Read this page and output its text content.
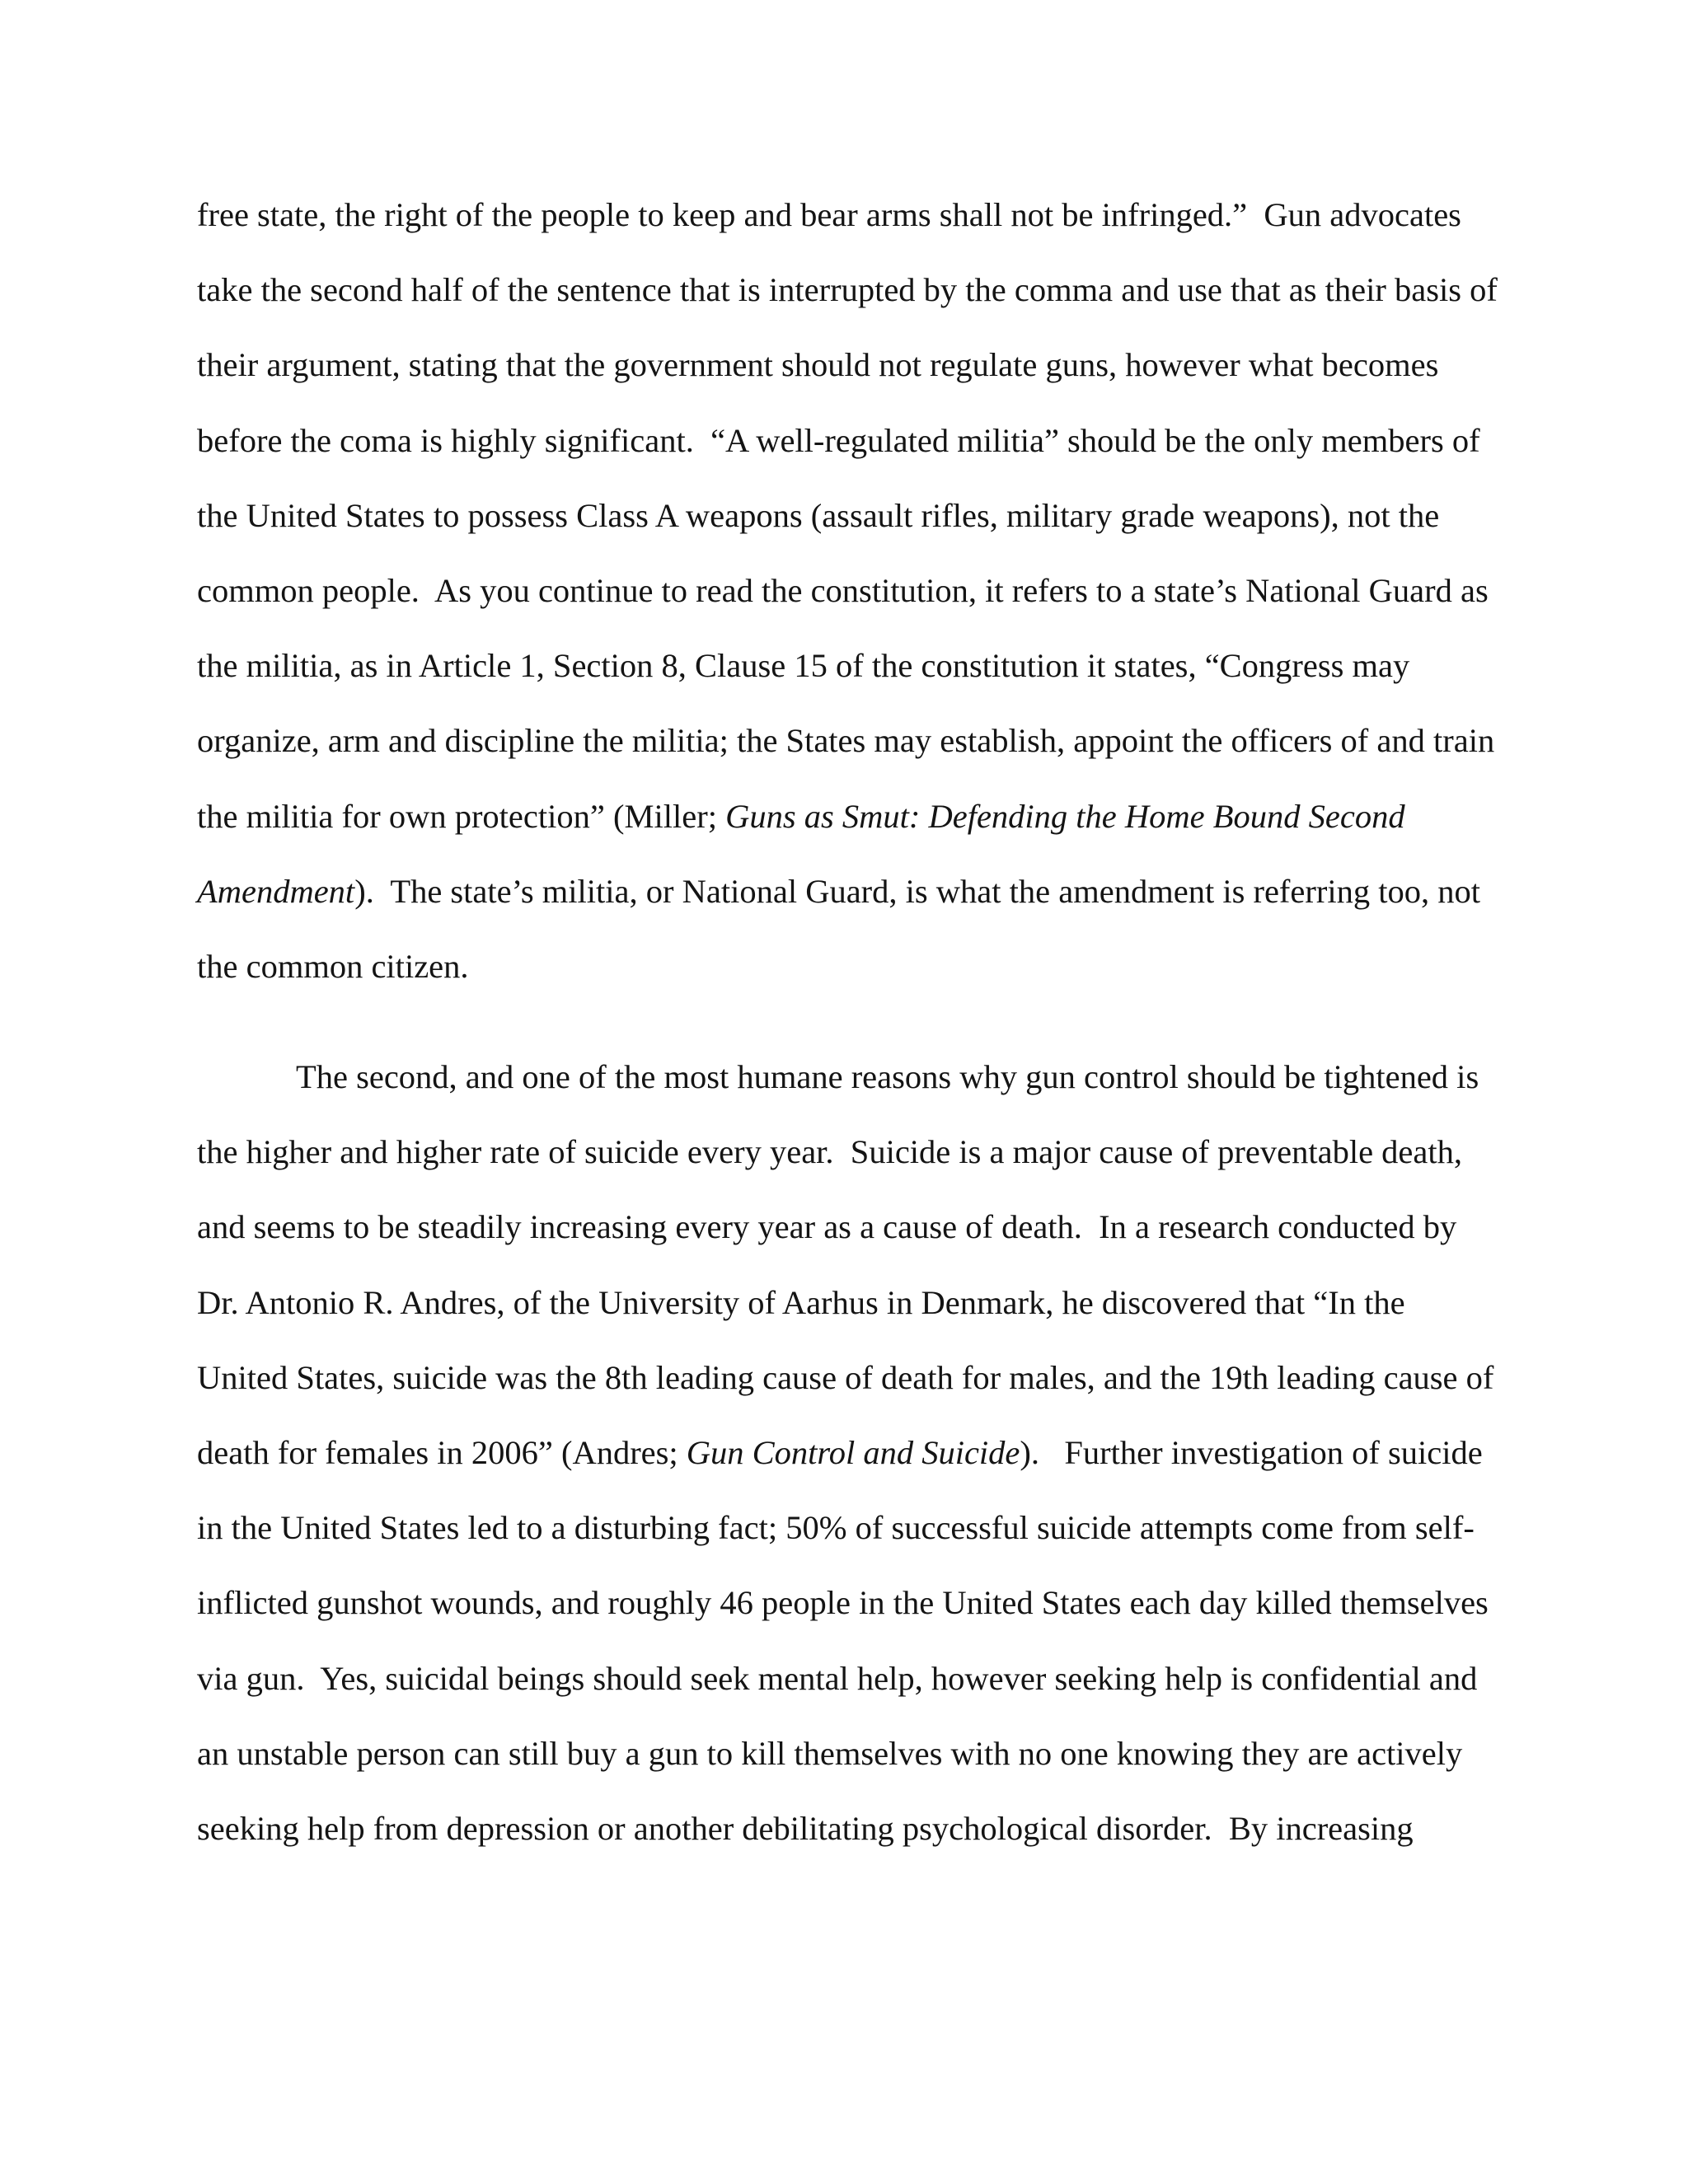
free state, the right of the people to keep and bear arms shall not be infringed.”  Gun advocates
take the second half of the sentence that is interrupted by the comma and use that as their basis of
their argument, stating that the government should not regulate guns, however what becomes
before the coma is highly significant.  “A well-regulated militia” should be the only members of
the United States to possess Class A weapons (assault rifles, military grade weapons), not the
common people.  As you continue to read the constitution, it refers to a state’s National Guard as
the militia, as in Article 1, Section 8, Clause 15 of the constitution it states, “Congress may
organize, arm and discipline the militia; the States may establish, appoint the officers of and train
the militia for own protection” (Miller; Guns as Smut: Defending the Home Bound Second
Amendment).  The state’s militia, or National Guard, is what the amendment is referring too, not
the common citizen.
The second, and one of the most humane reasons why gun control should be tightened is
the higher and higher rate of suicide every year.  Suicide is a major cause of preventable death,
and seems to be steadily increasing every year as a cause of death.  In a research conducted by
Dr. Antonio R. Andres, of the University of Aarhus in Denmark, he discovered that “In the
United States, suicide was the 8th leading cause of death for males, and the 19th leading cause of
death for females in 2006” (Andres; Gun Control and Suicide).   Further investigation of suicide
in the United States led to a disturbing fact; 50% of successful suicide attempts come from self-
inflicted gunshot wounds, and roughly 46 people in the United States each day killed themselves
via gun.  Yes, suicidal beings should seek mental help, however seeking help is confidential and
an unstable person can still buy a gun to kill themselves with no one knowing they are actively
seeking help from depression or another debilitating psychological disorder.  By increasing
